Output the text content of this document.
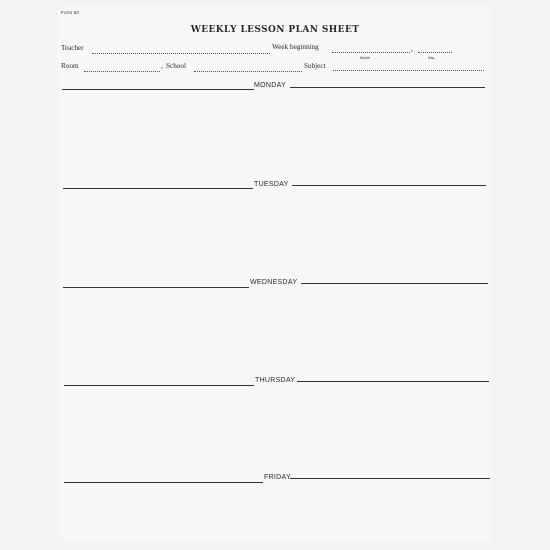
Form 60	·
WEEKLY LESSON PLAN SHEET
Teacher	Week beginning	,
Month	Day
Room	, School	Subject
MONDAY
TUESDAY
WEDNESDAY
THURSDAY
FRIDAY
